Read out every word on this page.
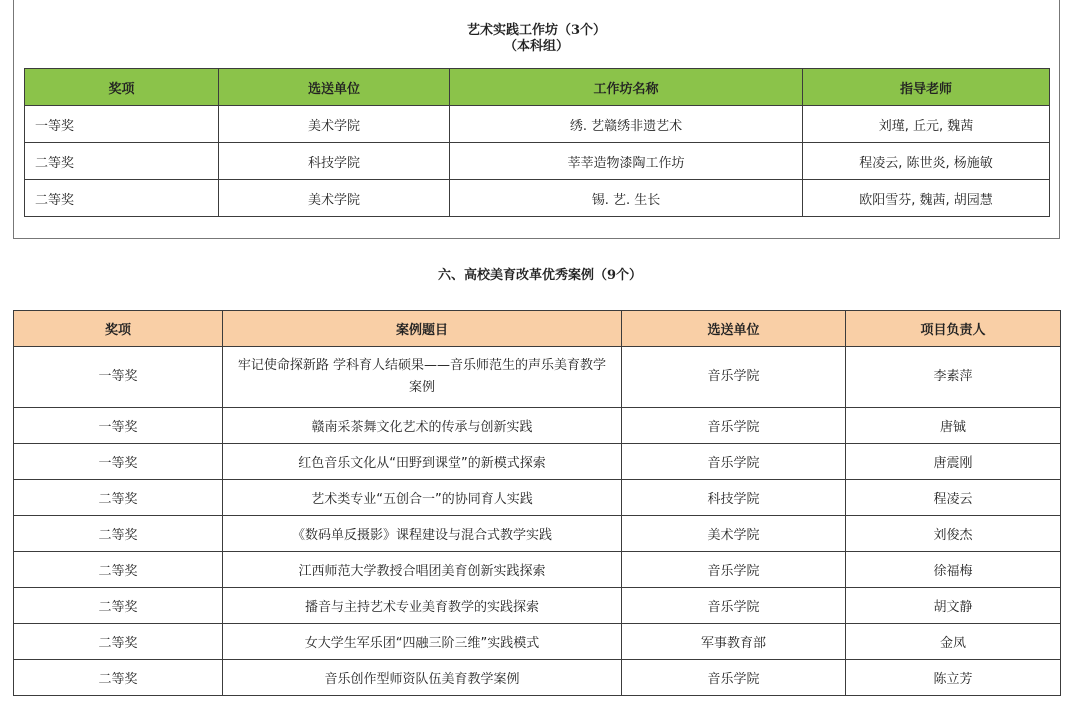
艺术实践工作坊（3个）
（本科组）
奖项	选送单位	工作坊名称	指导老师
一等奖	美术学院	绣. 艺赣绣非遗艺术	刘瑾, 丘元, 魏茜
二等奖	科技学院	莘莘造物漆陶工作坊	程凌云, 陈世炎, 杨施敏
二等奖	美术学院	锡. 艺. 生长	欧阳雪芬, 魏茜, 胡园慧
六、高校美育改革优秀案例（9个）
奖项	案例题目	选送单位	项目负责人
一等奖	牢记使命探新路 学科育人结硕果——音乐师范生的声乐美育教学案例	音乐学院	李素萍
一等奖	赣南采茶舞文化艺术的传承与创新实践	音乐学院	唐铖
一等奖	红色音乐文化从“田野到课堂”的新模式探索	音乐学院	唐震刚
二等奖	艺术类专业“五创合一”的协同育人实践	科技学院	程凌云
二等奖	《数码单反摄影》课程建设与混合式教学实践	美术学院	刘俊杰
二等奖	江西师范大学教授合唱团美育创新实践探索	音乐学院	徐福梅
二等奖	播音与主持艺术专业美育教学的实践探索	音乐学院	胡文静
二等奖	女大学生军乐团“四融三阶三维”实践模式	军事教育部	金凤
二等奖	音乐创作型师资队伍美育教学案例	音乐学院	陈立芳
